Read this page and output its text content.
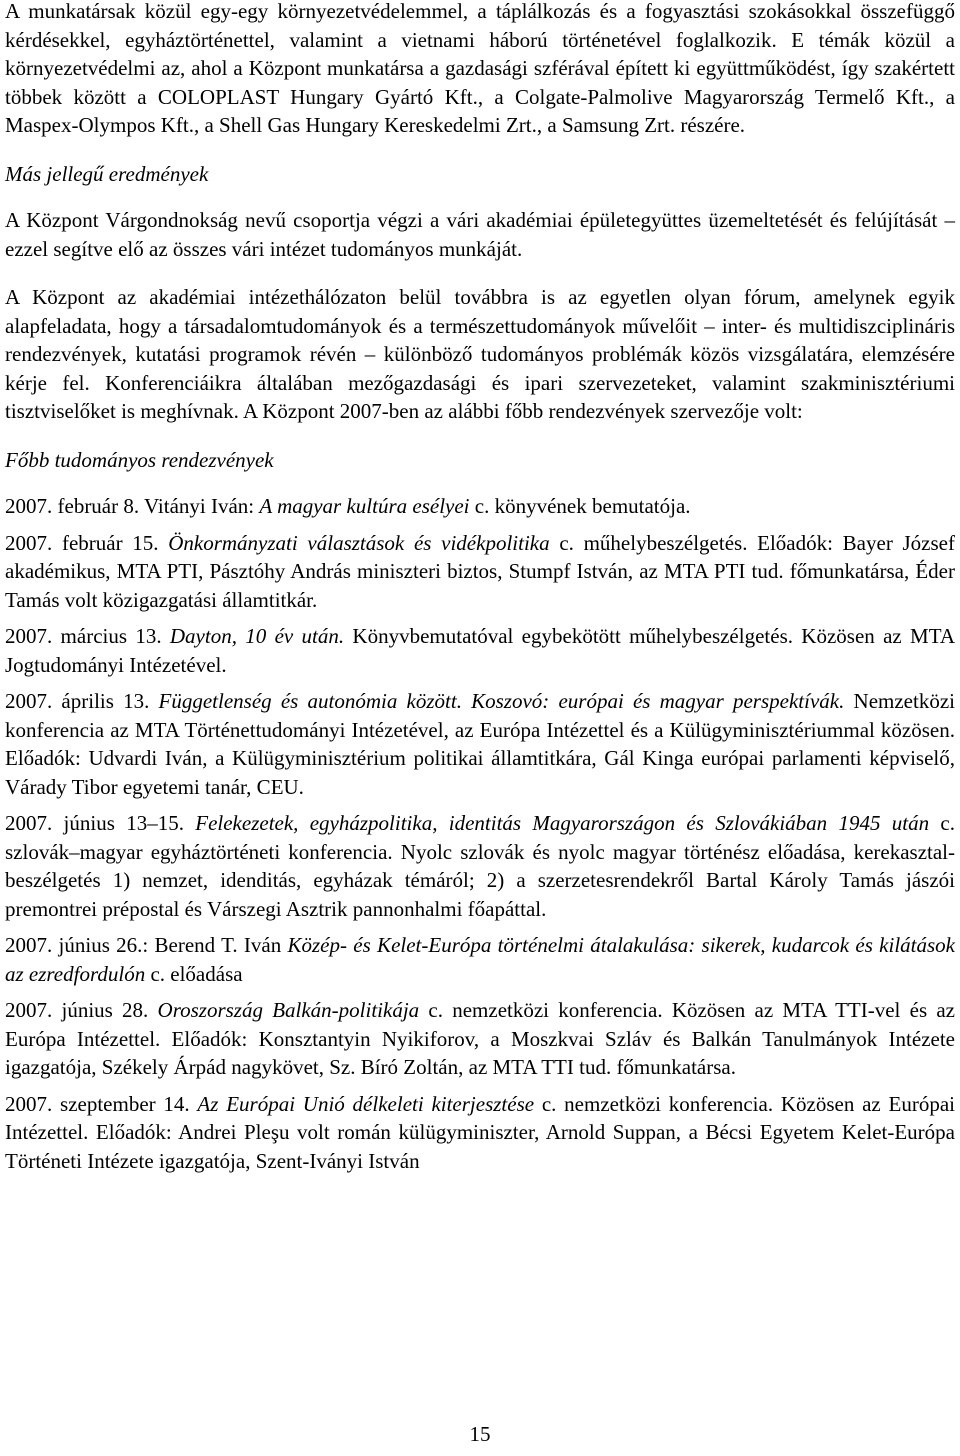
A munkatársak közül egy-egy környezetvédelemmel, a táplálkozás és a fogyasztási szokásokkal összefüggő kérdésekkel, egyháztörténettel, valamint a vietnami háború történetével foglalkozik. E témák közül a környezetvédelmi az, ahol a Központ munkatársa a gazdasági szférával épített ki együttműködést, így szakértett többek között a COLOPLAST Hungary Gyártó Kft., a Colgate-Palmolive Magyarország Termelő Kft., a Maspex-Olympos Kft., a Shell Gas Hungary Kereskedelmi Zrt., a Samsung Zrt. részére.

Más jellegű eredmények

A Központ Várgondnokság nevű csoportja végzi a vári akadémiai épületegyüttes üzemeltetését és felújítását – ezzel segítve elő az összes vári intézet tudományos munkáját.

A Központ az akadémiai intézethálózaton belül továbbra is az egyetlen olyan fórum, amelynek egyik alapfeladata, hogy a társadalomtudományok és a természettudományok művelőit – inter- és multidiszciplináris rendezvények, kutatási programok révén – különböző tudományos problémák közös vizsgálatára, elemzésére kérje fel. Konferenciáikra általában mezőgazdasági és ipari szervezeteket, valamint szakminisztériumi tisztviselőket is meghívnak. A Központ 2007-ben az alábbi főbb rendezvények szervezője volt:

Főbb tudományos rendezvények

2007. február 8. Vitányi Iván: A magyar kultúra esélyei c. könyvének bemutatója.

2007. február 15. Önkormányzati választások és vidékpolitika c. műhelybeszélgetés. Előadók: Bayer József akadémikus, MTA PTI, Pásztóhy András miniszteri biztos, Stumpf István, az MTA PTI tud. főmunkatársa, Éder Tamás volt közigazgatási államtitkár.

2007. március 13. Dayton, 10 év után. Könyvbemutatóval egybekötött műhelybeszélgetés. Közösen az MTA Jogtudományi Intézetével.

2007. április 13. Függetlenség és autonómia között. Koszovó: európai és magyar perspektívák. Nemzetközi konferencia az MTA Történettudományi Intézetével, az Európa Intézettel és a Külügyminisztériummal közösen. Előadók: Udvardi Iván, a Külügyminisztérium politikai államtitkára, Gál Kinga európai parlamenti képviselő, Várady Tibor egyetemi tanár, CEU.

2007. június 13–15. Felekezetek, egyházpolitika, identitás Magyarországon és Szlovákiában 1945 után c. szlovák–magyar egyháztörténeti konferencia. Nyolc szlovák és nyolc magyar történész előadása, kerekasztal-beszélgetés 1) nemzet, idenditás, egyházak témáról; 2) a szerzetesrendekről Bartal Károly Tamás jászói premontrei prépostal és Várszegi Asztrik pannonhalmi főapáttal.

2007. június 26.: Berend T. Iván Közép- és Kelet-Európa történelmi átalakulása: sikerek, kudarcok és kilátások az ezredfordulón c. előadása

2007. június 28. Oroszország Balkán-politikája c. nemzetközi konferencia. Közösen az MTA TTI-vel és az Európa Intézettel. Előadók: Konsztantyin Nyikiforov, a Moszkvai Szláv és Balkán Tanulmányok Intézete igazgatója, Székely Árpád nagykövet, Sz. Bíró Zoltán, az MTA TTI tud. főmunkatársa.

2007. szeptember 14. Az Európai Unió délkeleti kiterjesztése c. nemzetközi konferencia. Közösen az Európai Intézettel. Előadók: Andrei Pleşu volt román külügyminiszter, Arnold Suppan, a Bécsi Egyetem Kelet-Európa Történeti Intézete igazgatója, Szent-Iványi István

15
